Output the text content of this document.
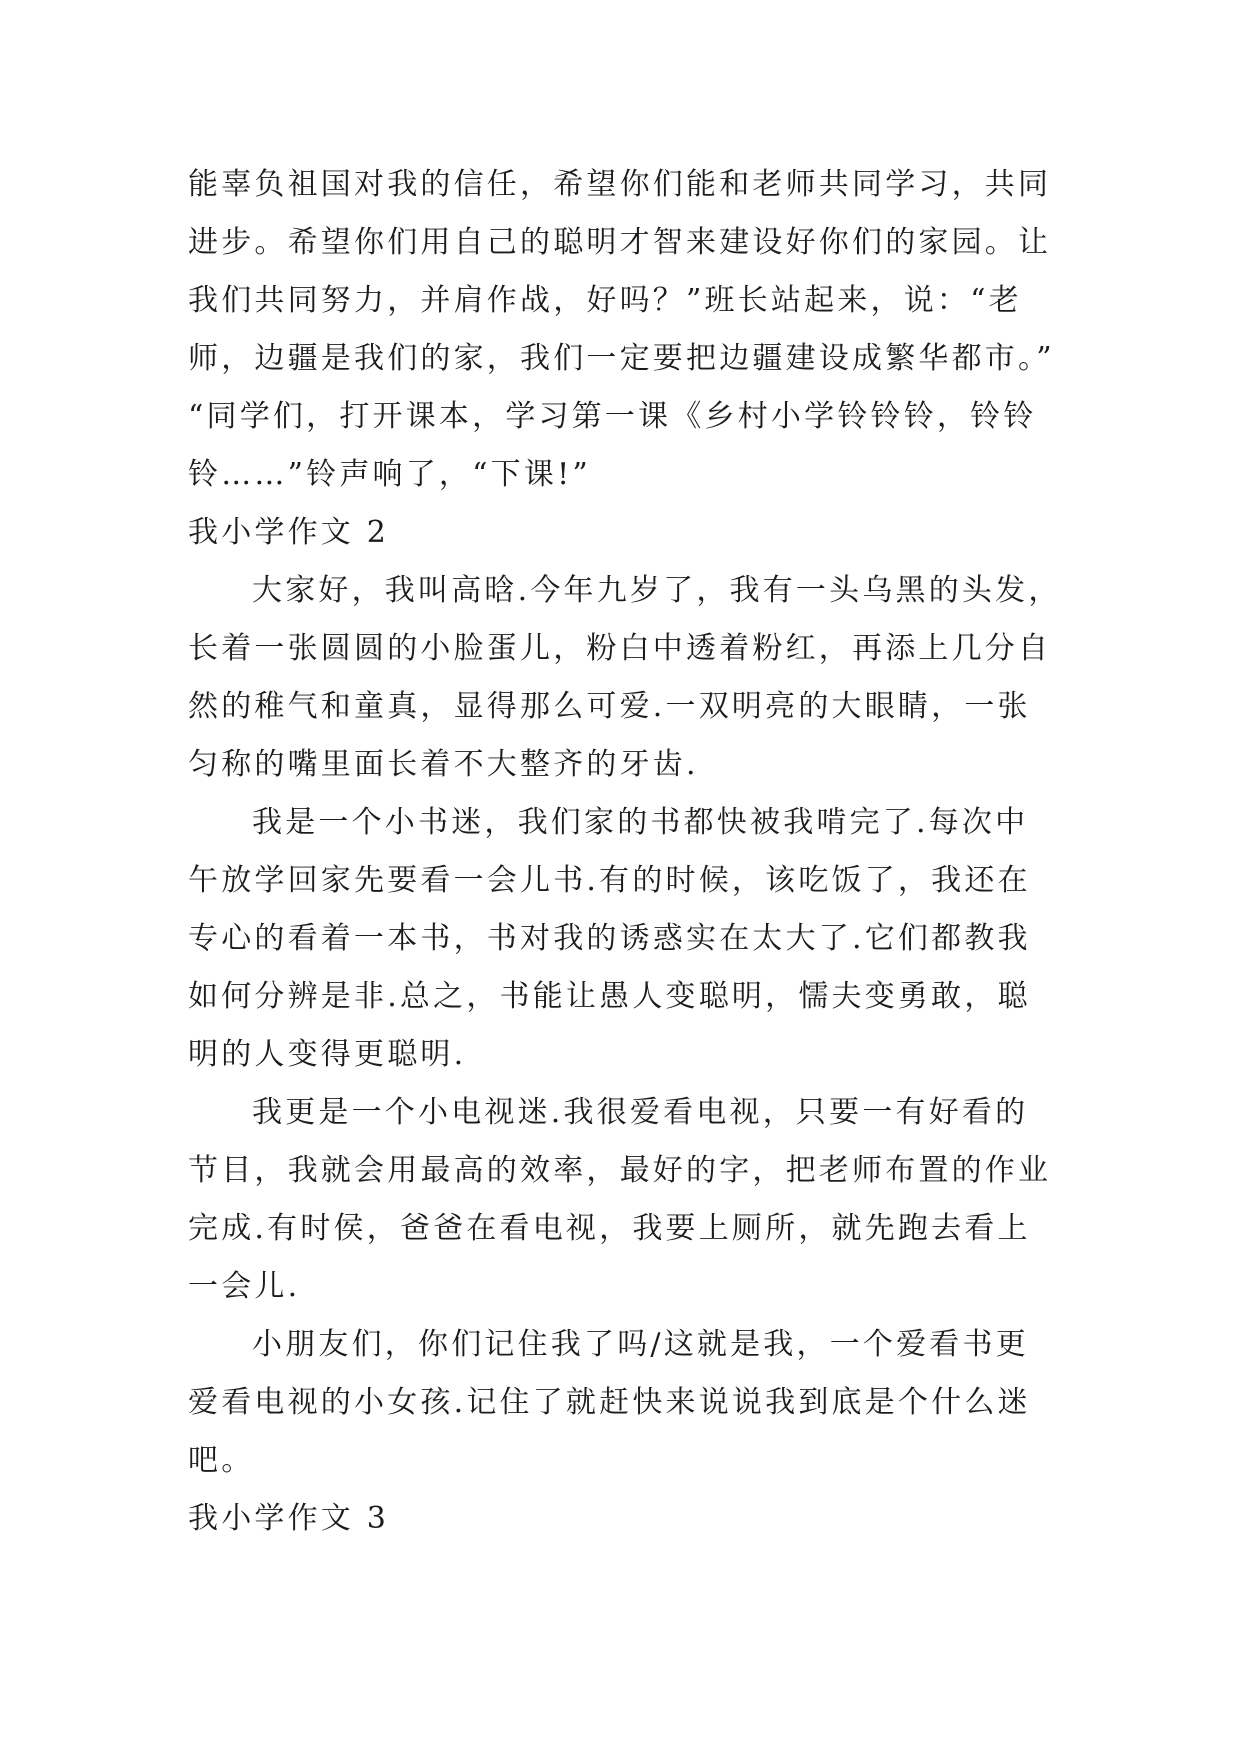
能辜负祖国对我的信任，希望你们能和老师共同学习，共同
进步。希望你们用自己的聪明才智来建设好你们的家园。让
我们共同努力，并肩作战，好吗？”班长站起来，说：“老
师，边疆是我们的家，我们一定要把边疆建设成繁华都市。”
“同学们，打开课本，学习第一课《乡村小学铃铃铃，铃铃
铃……”铃声响了，“下课!”
我小学作文 2
大家好，我叫高晗.今年九岁了，我有一头乌黑的头发，
长着一张圆圆的小脸蛋儿，粉白中透着粉红，再添上几分自
然的稚气和童真，显得那么可爱.一双明亮的大眼睛，一张
匀称的嘴里面长着不大整齐的牙齿.
我是一个小书迷，我们家的书都快被我啃完了.每次中
午放学回家先要看一会儿书.有的时候，该吃饭了，我还在
专心的看着一本书，书对我的诱惑实在太大了.它们都教我
如何分辨是非.总之，书能让愚人变聪明，懦夫变勇敢，聪
明的人变得更聪明.
我更是一个小电视迷.我很爱看电视，只要一有好看的
节目，我就会用最高的效率，最好的字，把老师布置的作业
完成.有时侯，爸爸在看电视，我要上厕所，就先跑去看上
一会儿.
小朋友们，你们记住我了吗/这就是我，一个爱看书更
爱看电视的小女孩.记住了就赶快来说说我到底是个什么迷
吧。
我小学作文 3
